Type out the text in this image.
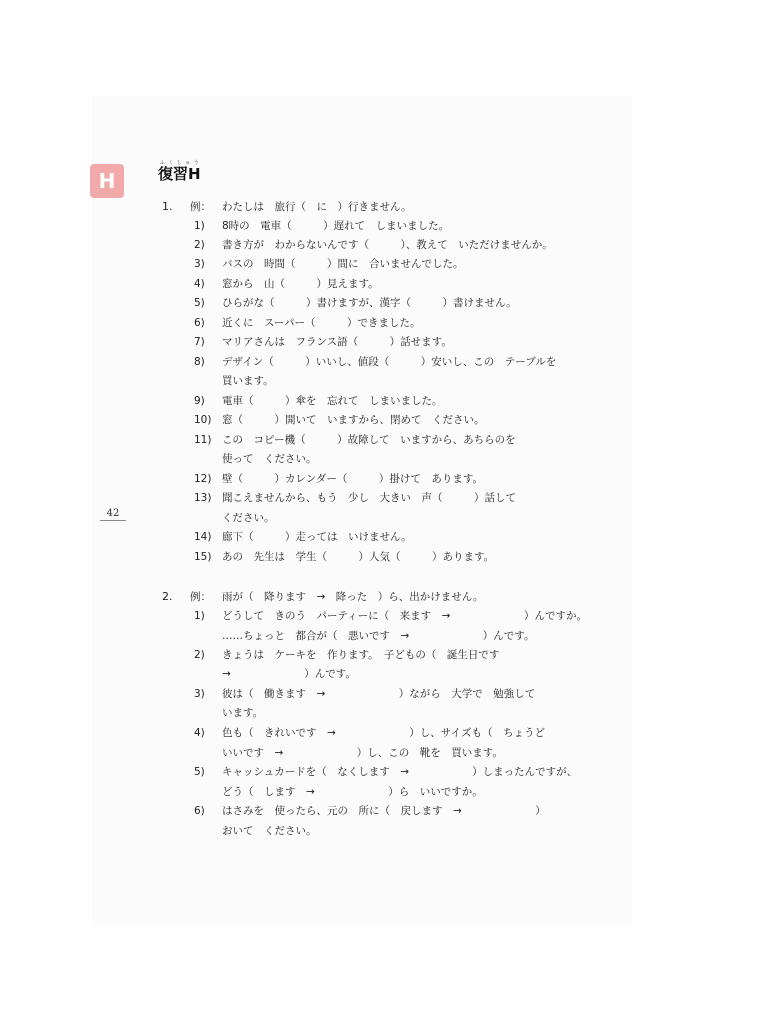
H	復習Hふくしゅう
42
1.
2.
例： わたしは　旅行（　に　）行きません。
1) 8時の　電車（　　　）遅れて　しまいました。
2) 書き方が　わからないんです（　　　）、教えて　いただけませんか。
3) バスの　時間（　　　）間に　合いませんでした。
4) 窓から　山（　　　）見えます。
5) ひらがな（　　　）書けますが、漢字（　　　）書けません。
6) 近くに　スーパー（　　　）できました。
7) マリアさんは　フランス語（　　　）話せます。
8) デザイン（　　　）いいし、値段（　　　）安いし、この　テーブルを
買います。
9) 電車（　　　）傘を　忘れて　しまいました。
10) 窓（　　　）開いて　いますから、閉めて　ください。
11) この　コピー機（　　　）故障して　いますから、あちらのを
使って　ください。
12) 壁（　　　）カレンダー（　　　）掛けて　あります。
13) 聞こえませんから、もう　少し　大きい　声（　　　）話して
ください。
14) 廊下（　　　）走っては　いけません。
15) あの　先生は　学生（　　　）人気（　　　）あります。
例： 雨が（　降ります　→　降った　）ら、出かけません。
1) どうして　きのう　パーティーに（　来ます　→　　　　　　　）んですか。
……ちょっと　都合が（　悪いです　→　　　　　　　）んです。
2) きょうは　ケーキを　作ります。　子どもの（　誕生日です
→　　　　　　　）んです。
3) 彼は（　働きます　→　　　　　　　）ながら　大学で　勉強して
います。
4) 色も（　きれいです　→　　　　　　　）し、サイズも（　ちょうど
いいです　→　　　　　　　）し、この　靴を　買います。
5) キャッシュカードを（　なくします　→　　　　　　）しまったんですが、
どう（　します　→　　　　　　　）ら　いいですか。
6) はさみを　使ったら、元の　所に（　戻します　→　　　　　　　）
おいて　ください。
